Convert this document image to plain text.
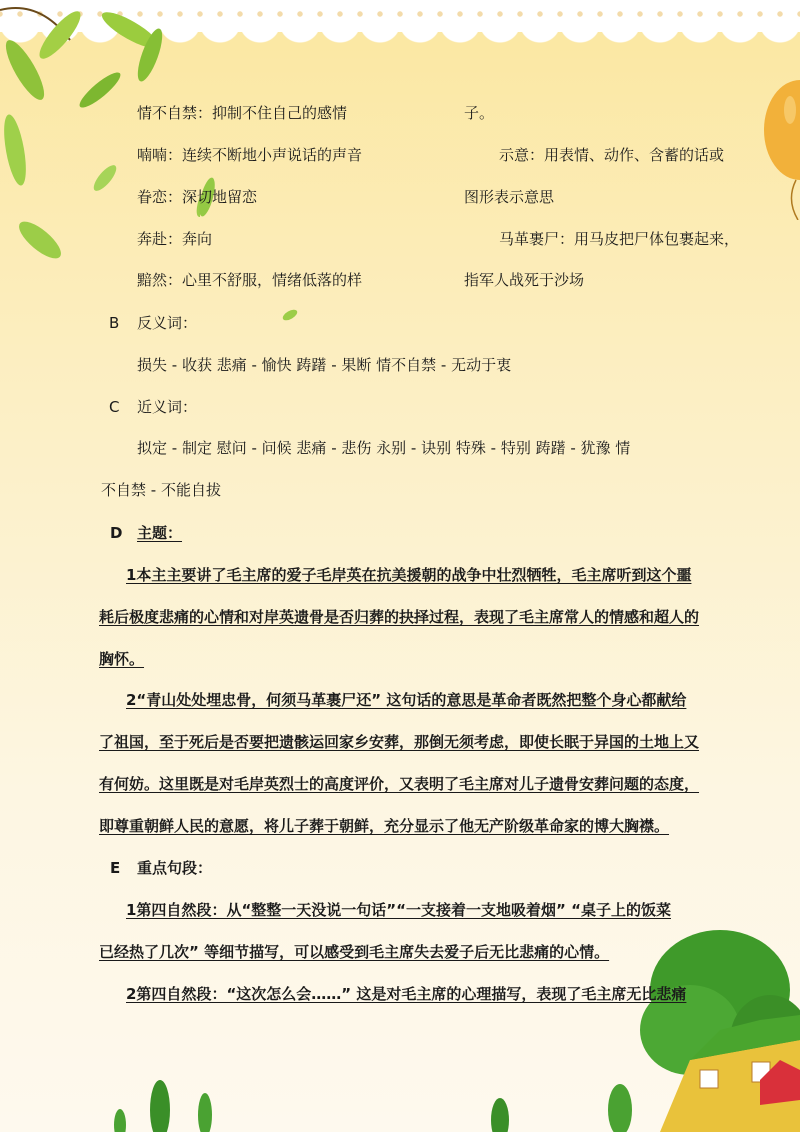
情不自禁：抑制不住自己的感情
喃喃：连续不断地小声说话的声音
眷恋：深切地留恋
奔赴：奔向
黯然：心里不舒服，情绪低落的样
子。
示意：用表情、动作、含蓄的话或
图形表示意思
马革裹尸：用马皮把尸体包裹起来，
指军人战死于沙场
B 反义词：
损失 - 收获 悲痛 - 愉快 踌躇 - 果断 情不自禁 - 无动于衷
C 近义词：
拟定 - 制定 慰问 - 问候 悲痛 - 悲伤 永别 - 诀别 特殊 - 特别 踌躇 - 犹豫 情
不自禁 - 不能自拔
D 主题：
1本主主要讲了毛主席的爱子毛岸英在抗美援朝的战争中壮烈牺牲，毛主席听到这个噩
耗后极度悲痛的心情和对岸英遗骨是否归葬的抉择过程，表现了毛主席常人的情感和超人的
胸怀。
2“青山处处埋忠骨，何须马革裹尸还” 这句话的意思是革命者既然把整个身心都献给
了祖国，至于死后是否要把遗骸运回家乡安葬，那倒无须考虑，即使长眠于异国的土地上又
有何妨。这里既是对毛岸英烈士的高度评价，又表明了毛主席对儿子遗骨安葬问题的态度，
即尊重朝鲜人民的意愿，将儿子葬于朝鲜，充分显示了他无产阶级革命家的博大胸襟。
E 重点句段：
1第四自然段：从“整整一天没说一句话”“一支接着一支地吸着烟” “桌子上的饭菜
已经热了几次” 等细节描写，可以感受到毛主席失去爱子后无比悲痛的心情。
2第四自然段：“这次怎么会……” 这是对毛主席的心理描写，表现了毛主席无比悲痛
